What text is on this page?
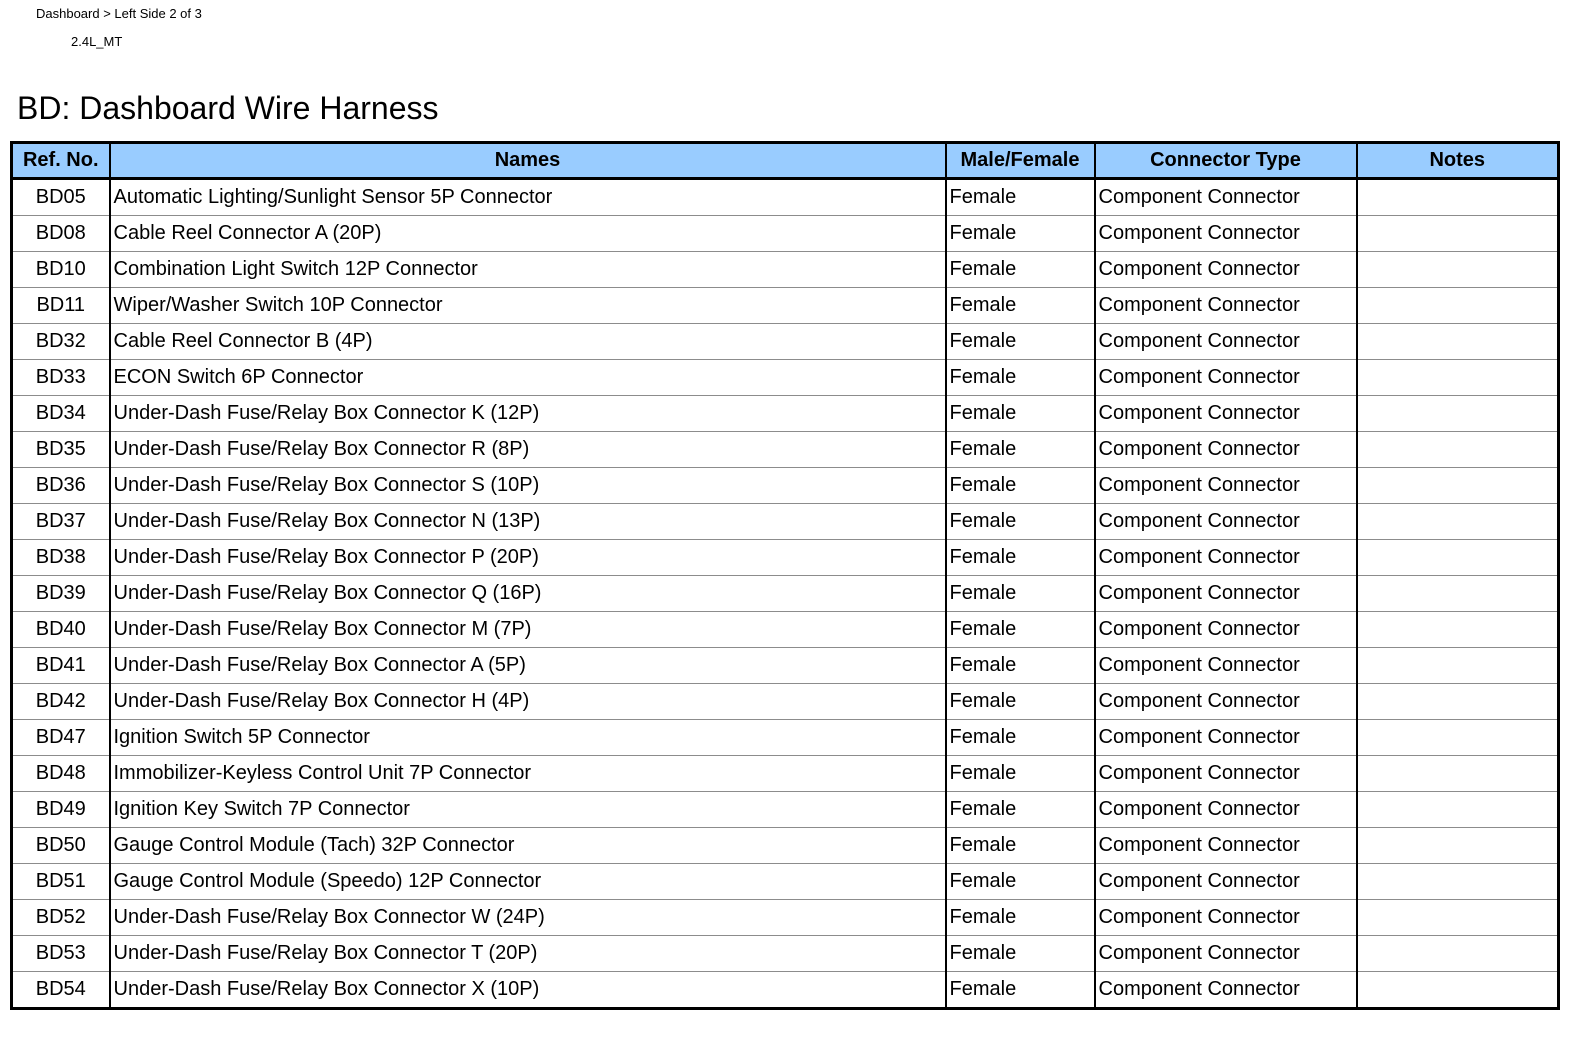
Dashboard > Left Side 2 of 3
2.4L_MT
BD: Dashboard Wire Harness
Ref. No.	Names	Male/Female	Connector Type	Notes
BD05	Automatic Lighting/Sunlight Sensor 5P Connector	Female	Component Connector	
BD08	Cable Reel Connector A (20P)	Female	Component Connector	
BD10	Combination Light Switch 12P Connector	Female	Component Connector	
BD11	Wiper/Washer Switch 10P Connector	Female	Component Connector	
BD32	Cable Reel Connector B (4P)	Female	Component Connector	
BD33	ECON Switch 6P Connector	Female	Component Connector	
BD34	Under-Dash Fuse/Relay Box Connector K (12P)	Female	Component Connector	
BD35	Under-Dash Fuse/Relay Box Connector R (8P)	Female	Component Connector	
BD36	Under-Dash Fuse/Relay Box Connector S (10P)	Female	Component Connector	
BD37	Under-Dash Fuse/Relay Box Connector N (13P)	Female	Component Connector	
BD38	Under-Dash Fuse/Relay Box Connector P (20P)	Female	Component Connector	
BD39	Under-Dash Fuse/Relay Box Connector Q (16P)	Female	Component Connector	
BD40	Under-Dash Fuse/Relay Box Connector M (7P)	Female	Component Connector	
BD41	Under-Dash Fuse/Relay Box Connector A (5P)	Female	Component Connector	
BD42	Under-Dash Fuse/Relay Box Connector H (4P)	Female	Component Connector	
BD47	Ignition Switch 5P Connector	Female	Component Connector	
BD48	Immobilizer-Keyless Control Unit 7P Connector	Female	Component Connector	
BD49	Ignition Key Switch 7P Connector	Female	Component Connector	
BD50	Gauge Control Module (Tach) 32P Connector	Female	Component Connector	
BD51	Gauge Control Module (Speedo) 12P Connector	Female	Component Connector	
BD52	Under-Dash Fuse/Relay Box Connector W (24P)	Female	Component Connector	
BD53	Under-Dash Fuse/Relay Box Connector T (20P)	Female	Component Connector	
BD54	Under-Dash Fuse/Relay Box Connector X (10P)	Female	Component Connector	
